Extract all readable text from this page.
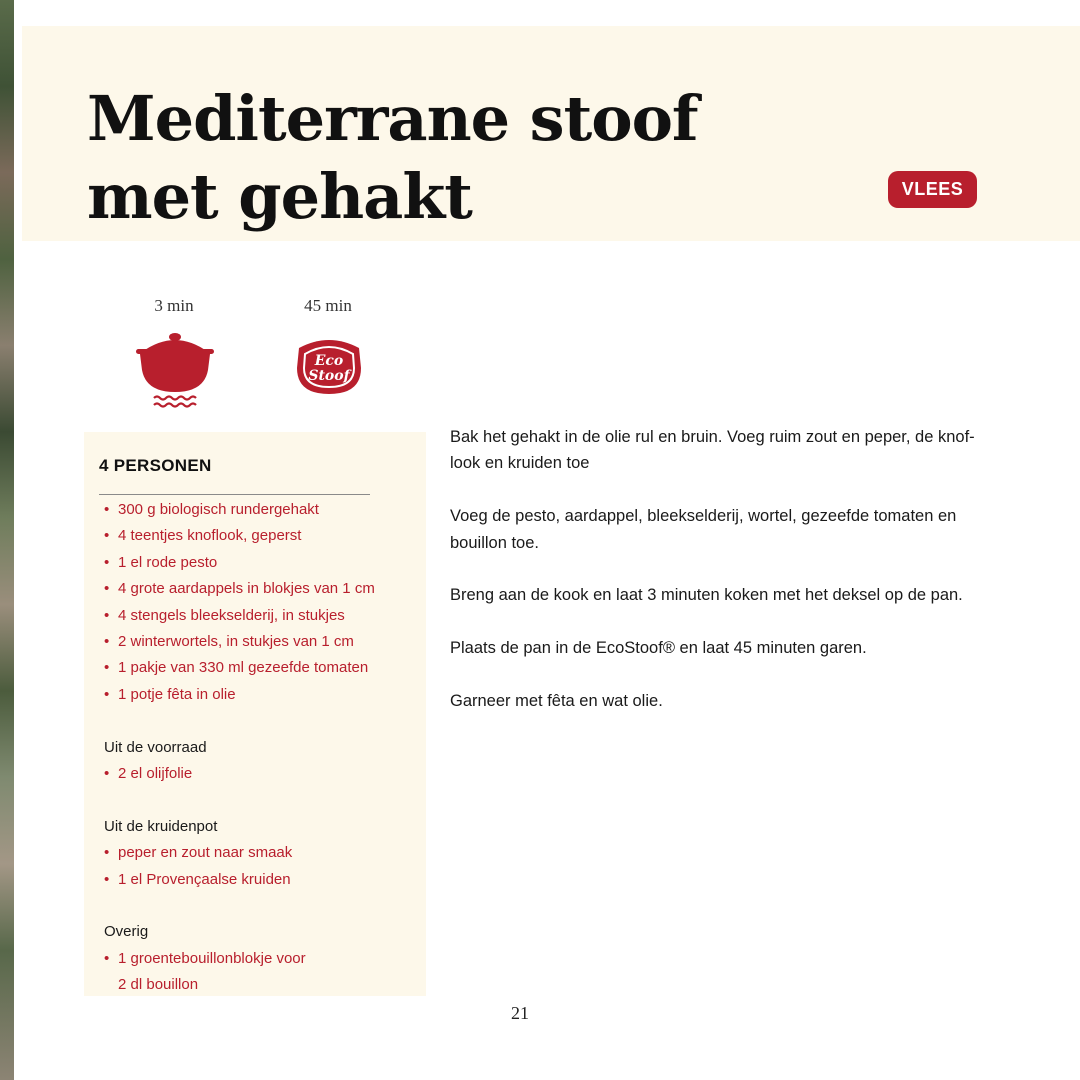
Mediterrane stoof met gehakt	VLEES
3 min	45 min
Eco
Stoof
4 PERSONEN
• 300 g biologisch rundergehakt
• 4 teentjes knoflook, geperst
• 1 el rode pesto
• 4 grote aardappels in blokjes van 1 cm
• 4 stengels bleekselderij, in stukjes
• 2 winterwortels, in stukjes van 1 cm
• 1 pakje van 330 ml gezeefde tomaten
• 1 potje fêta in olie
Uit de voorraad
• 2 el olijfolie
Uit de kruidenpot
• peper en zout naar smaak
• 1 el Provençaalse kruiden
Overig
• 1 groentebouillonblokje voor
2 dl bouillon

Bak het gehakt in de olie rul en bruin. Voeg ruim zout en peper, de knof-look en kruiden toe

Voeg de pesto, aardappel, bleekselderij, wortel, gezeefde tomaten en bouillon toe.

Breng aan de kook en laat 3 minuten koken met het deksel op de pan.

Plaats de pan in de EcoStoof® en laat 45 minuten garen.

Garneer met fêta en wat olie.

21
